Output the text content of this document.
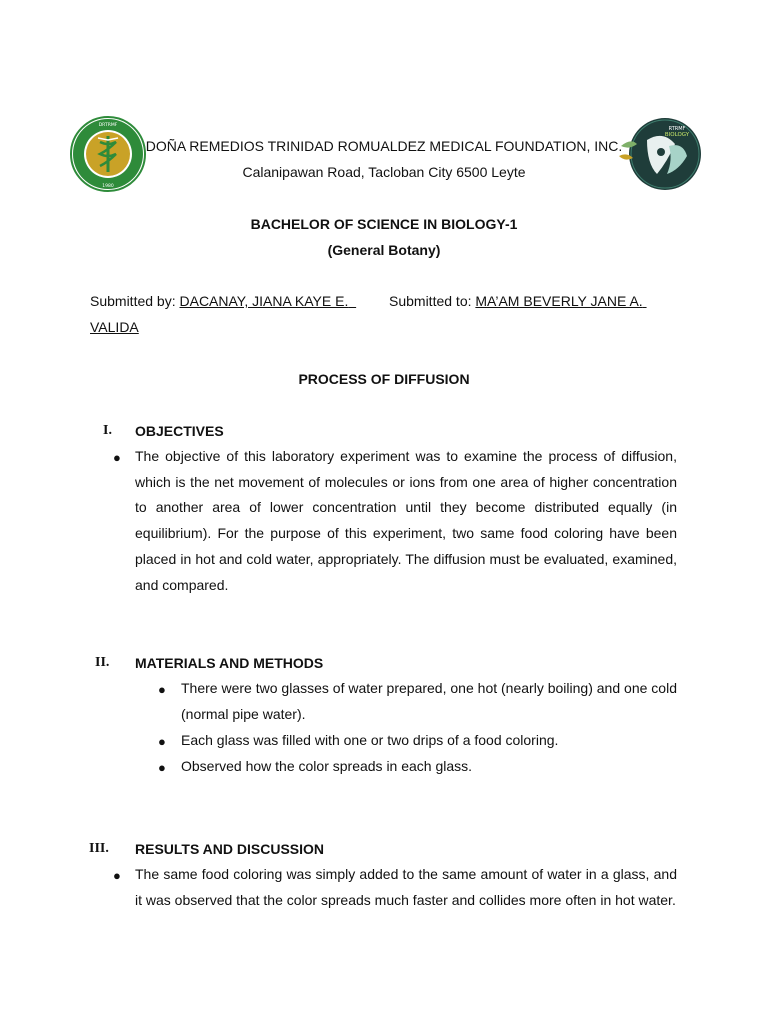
DRTRMF
1980
RTRMF
BIOLOGY
DOÑA REMEDIOS TRINIDAD ROMUALDEZ MEDICAL FOUNDATION, INC.
Calanipawan Road, Tacloban City 6500 Leyte
BACHELOR OF SCIENCE IN BIOLOGY-1
(General Botany)
Submitted by: DACANAY, JIANA KAYE E.	Submitted to: MA’AM BEVERLY JANE A.
VALIDA
PROCESS OF DIFFUSION
I. OBJECTIVES
● The objective of this laboratory experiment was to examine the process of diffusion, which is the net movement of molecules or ions from one area of higher concentration to another area of lower concentration until they become distributed equally (in equilibrium). For the purpose of this experiment, two same food coloring have been placed in hot and cold water, appropriately. The diffusion must be evaluated, examined, and compared.
II. MATERIALS AND METHODS
● There were two glasses of water prepared, one hot (nearly boiling) and one cold (normal pipe water).
● Each glass was filled with one or two drips of a food coloring.
● Observed how the color spreads in each glass.
III. RESULTS AND DISCUSSION
● The same food coloring was simply added to the same amount of water in a glass, and it was observed that the color spreads much faster and collides more often in hot water.
